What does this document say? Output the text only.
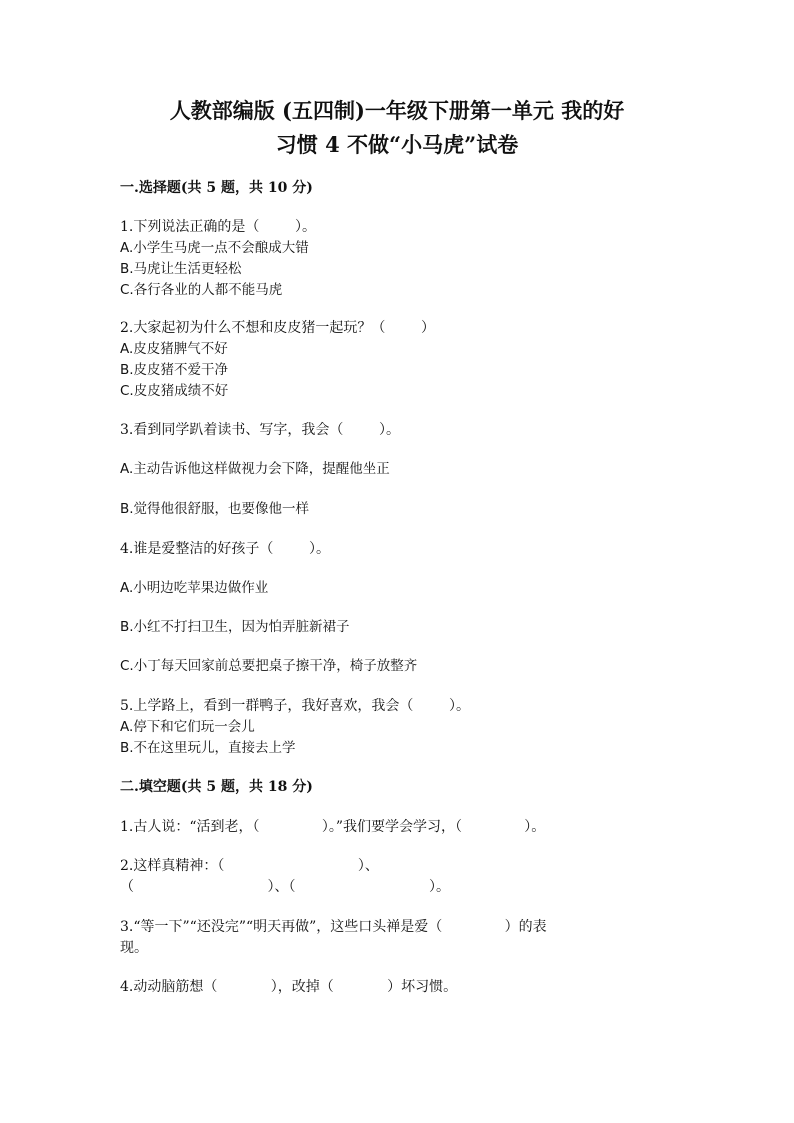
人教部编版 (五四制)一年级下册第一单元 我的好
习惯 4 不做“小马虎”试卷
一.选择题(共 5 题，共 10 分)
1.下列说法正确的是（        ）。
A.小学生马虎一点不会酿成大错
B.马虎让生活更轻松
C.各行各业的人都不能马虎
2.大家起初为什么不想和皮皮猪一起玩？（        ）
A.皮皮猪脾气不好
B.皮皮猪不爱干净
C.皮皮猪成绩不好
3.看到同学趴着读书、写字，我会（        ）。
A.主动告诉他这样做视力会下降，提醒他坐正
B.觉得他很舒服，也要像他一样
4.谁是爱整洁的好孩子（        ）。
A.小明边吃苹果边做作业
B.小红不打扫卫生，因为怕弄脏新裙子
C.小丁每天回家前总要把桌子擦干净，椅子放整齐
5.上学路上，看到一群鸭子，我好喜欢，我会（        ）。
A.停下和它们玩一会儿
B.不在这里玩儿，直接去上学
二.填空题(共 5 题，共 18 分)
1.古人说：“活到老，（              ）。”我们要学会学习，（              ）。
2.这样真精神：（                              ）、
（                              ）、（                              ）。
3.“等一下”“还没完”“明天再做”，这些口头禅是爱（              ）的表
现。
4.动动脑筋想（            ），改掉（            ）坏习惯。
